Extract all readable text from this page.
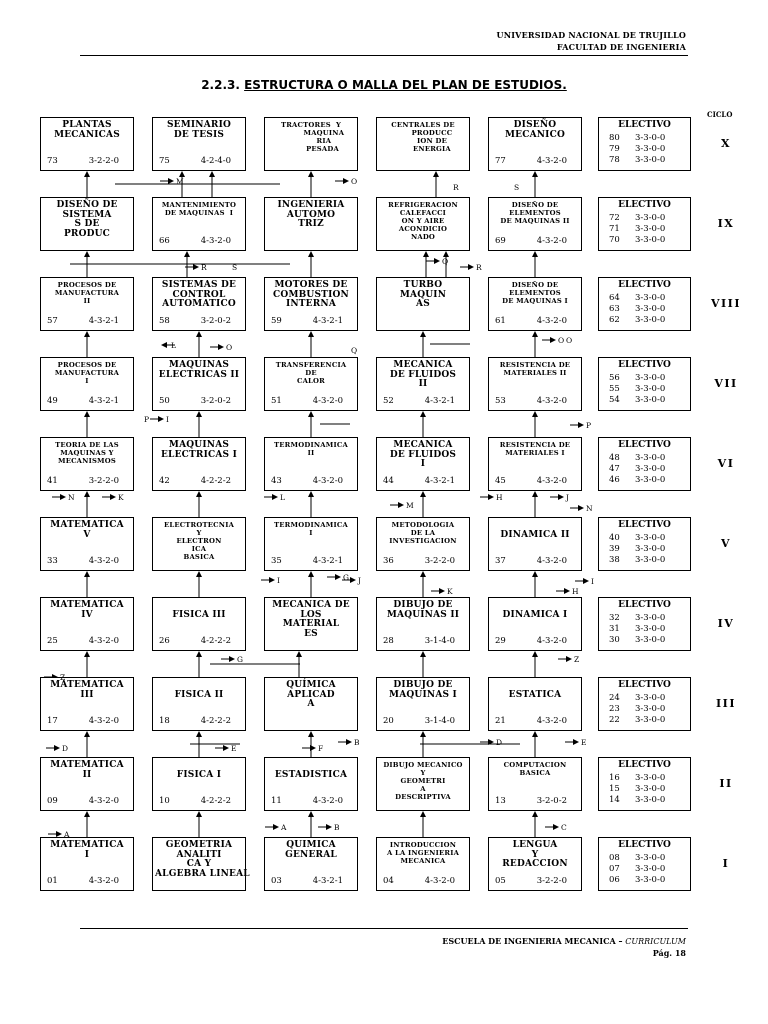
UNIVERSIDAD NACIONAL DE TRUJILLO
FACULTAD DE INGENIERIA
2.2.3. ESTRUCTURA O MALLA DEL PLAN DE ESTUDIOS.
CICLO
PLANTAS
MECANICAS
73	3-2-2-0
SEMINARIO
DE TESIS
75	4-2-4-0
TRACTORES  Y
MAQUINA
RIA
PESADA
CENTRALES DE
PRODUCC
ION DE
ENERGIA
DISEÑO
MECANICO
77	4-3-2-0
ELECTIVO
80 3-3-0-0
79 3-3-0-0
78 3-3-0-0
DISEÑO DE
SISTEMA
S DE
PRODUC
MANTENIMIENTO
DE MAQUINAS  I
66	4-3-2-0
INGENIERIA
AUTOMO
TRIZ
REFRIGERACION
CALEFACCI
ON Y AIRE
ACONDICIO
NADO
DISEÑO DE
ELEMENTOS
DE MAQUINAS II
69	4-3-2-0
ELECTIVO
72 3-3-0-0
71 3-3-0-0
70 3-3-0-0
PROCESOS DE
MANUFACTURA
II
57	4-3-2-1
SISTEMAS DE
CONTROL
AUTOMATICO
58	3-2-0-2
MOTORES DE
COMBUSTION
INTERNA
59	4-3-2-1
TURBO
MAQUIN
AS
DISEÑO DE
ELEMENTOS
DE MAQUINAS I
61	4-3-2-0
ELECTIVO
64 3-3-0-0
63 3-3-0-0
62 3-3-0-0
PROCESOS DE
MANUFACTURA
I
49	4-3-2-1
MAQUINAS
ELECTRICAS II
50	3-2-0-2
TRANSFERENCIA
DE
CALOR
51	4-3-2-0
MECANICA
DE FLUIDOS
II
52	4-3-2-1
RESISTENCIA DE
MATERIALES II
53	4-3-2-0
ELECTIVO
56 3-3-0-0
55 3-3-0-0
54 3-3-0-0
TEORIA DE LAS
MAQUINAS Y
MECANISMOS
41	3-2-2-0
MAQUINAS
ELECTRICAS I
42	4-2-2-2
TERMODINAMICA
II
43	4-3-2-0
MECANICA
DE FLUIDOS
I
44	4-3-2-1
RESISTENCIA DE
MATERIALES I
45	4-3-2-0
ELECTIVO
48 3-3-0-0
47 3-3-0-0
46 3-3-0-0
MATEMATICA
V
33	4-3-2-0
ELECTROTECNIA
Y
ELECTRON
ICA
BASICA
TERMODINAMICA
I
35	4-3-2-1
METODOLOGIA
DE LA
INVESTIGACION
36	3-2-2-0

DINAMICA II
37	4-3-2-0
ELECTIVO
40 3-3-0-0
39 3-3-0-0
38 3-3-0-0
MATEMATICA
IV
25	4-3-2-0

FISICA III
26	4-2-2-2
MECANICA DE
LOS
MATERIAL
ES
DIBUJO DE
MAQUINAS II
28	3-1-4-0

DINAMICA I
29	4-3-2-0
ELECTIVO
32 3-3-0-0
31 3-3-0-0
30 3-3-0-0
MATEMATICA
III
17	4-3-2-0

FISICA II
18	4-2-2-2
QUÍMICA
APLICAD
A
DIBUJO DE
MAQUINAS I
20	3-1-4-0

ESTATICA
21	4-3-2-0
ELECTIVO
24 3-3-0-0
23 3-3-0-0
22 3-3-0-0
MATEMATICA
II
09	4-3-2-0

FISICA I
10	4-2-2-2

ESTADISTICA
11	4-3-2-0
DIBUJO MECANICO
Y
GEOMETRI
A
DESCRIPTIVA
COMPUTACION
BASICA
13	3-2-0-2
ELECTIVO
16 3-3-0-0
15 3-3-0-0
14 3-3-0-0
MATEMATICA
I
01	4-3-2-0
GEOMETRIA
ANALITI
CA Y
ALGEBRA LINEAL
QUIMICA
GENERAL
03	4-3-2-1
INTRODUCCION
A LA INGENIERIA
MECANICA
04	4-3-2-0
LENGUA
Y
REDACCION
05	3-2-2-0
ELECTIVO
08 3-3-0-0
07 3-3-0-0
06 3-3-0-0
M	O
R	S
R	S
Q
R
L	O	Q
O O
I
P
P
N	K	L
M
H	J
N
I	G J
K
I
H
G
Z
Z
D	E	F
B	D	E
A
A	B	C
ESCUELA DE INGENIERIA MECANICA – CURRICULUM
Pág. 18
X
IX
VIII
VII
VI
V
IV
III
II
I
